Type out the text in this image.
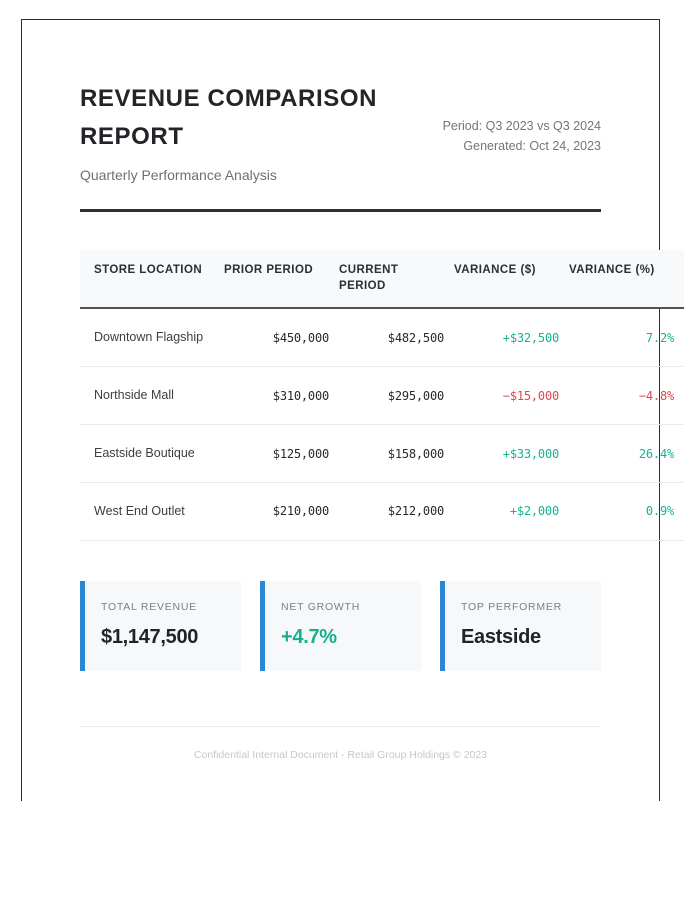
REVENUE COMPARISON REPORT
Quarterly Performance Analysis
Period: Q3 2023 vs Q3 2024
Generated: Oct 24, 2023
STORE LOCATION	PRIOR PERIOD	CURRENT PERIOD	VARIANCE ($)	VARIANCE (%)
Downtown Flagship	$450,000	$482,500	+$32,500	7.2%
Northside Mall	$310,000	$295,000	−$15,000	−4.8%
Eastside Boutique	$125,000	$158,000	+$33,000	26.4%
West End Outlet	$210,000	$212,000	+$2,000	0.9%
TOTAL REVENUE
$1,147,500
NET GROWTH
+4.7%
TOP PERFORMER
Eastside
Confidential Internal Document - Retail Group Holdings © 2023
